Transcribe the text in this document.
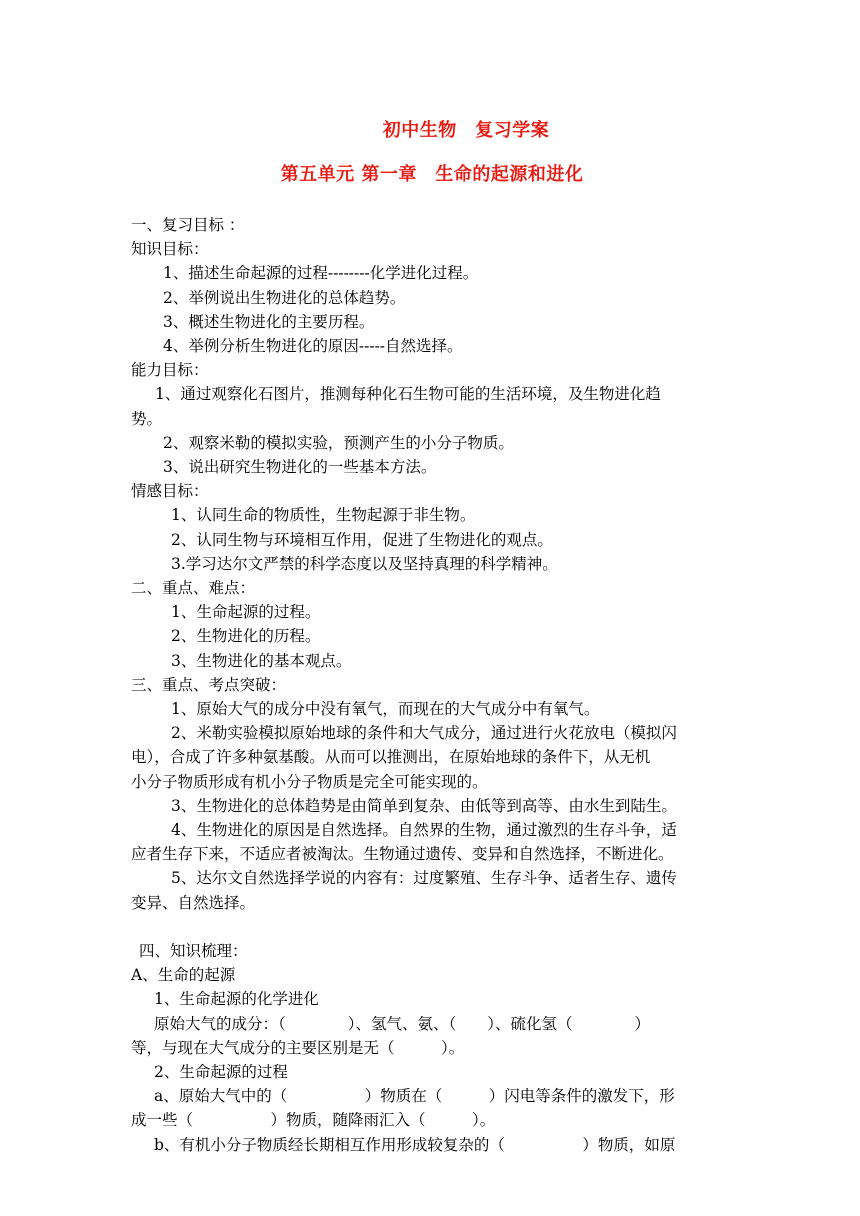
初中生物　复习学案
第五单元 第一章　生命的起源和进化
一、复习目标 ：
知识目标：
1、描述生命起源的过程--------化学进化过程。
2、举例说出生物进化的总体趋势。
3、概述生物进化的主要历程。
4、举例分析生物进化的原因-----自然选择。
能力目标：
1、通过观察化石图片，推测每种化石生物可能的生活环境，及生物进化趋
势。
2、观察米勒的模拟实验，预测产生的小分子物质。
3、说出研究生物进化的一些基本方法。
情感目标：
1、认同生命的物质性，生物起源于非生物。
2、认同生物与环境相互作用，促进了生物进化的观点。
3.学习达尔文严禁的科学态度以及坚持真理的科学精神。
二、重点、难点：
1、生命起源的过程。
2、生物进化的历程。
3、生物进化的基本观点。
三、重点、考点突破：
1、原始大气的成分中没有氧气，而现在的大气成分中有氧气。
2、米勒实验模拟原始地球的条件和大气成分，通过进行火花放电（模拟闪
电），合成了许多种氨基酸。从而可以推测出，在原始地球的条件下，从无机
小分子物质形成有机小分子物质是完全可能实现的。
3、生物进化的总体趋势是由简单到复杂、由低等到高等、由水生到陆生。
4、生物进化的原因是自然选择。自然界的生物，通过激烈的生存斗争，适
应者生存下来，不适应者被淘汰。生物通过遗传、变异和自然选择，不断进化。
5、达尔文自然选择学说的内容有：过度繁殖、生存斗争、适者生存、遗传
变异、自然选择。
四、知识梳理：
A、生命的起源
1、生命起源的化学进化
原始大气的成分：（　　　　）、氢气、氨、（　　）、硫化氢（　　　　）
等，与现在大气成分的主要区别是无（　　　）。
2、生命起源的过程
a、原始大气中的（　　　　　）物质在（　　　）闪电等条件的激发下，形
成一些（　　　　　）物质，随降雨汇入（　　　）。
b、有机小分子物质经长期相互作用形成较复杂的（　　　　　）物质，如原
